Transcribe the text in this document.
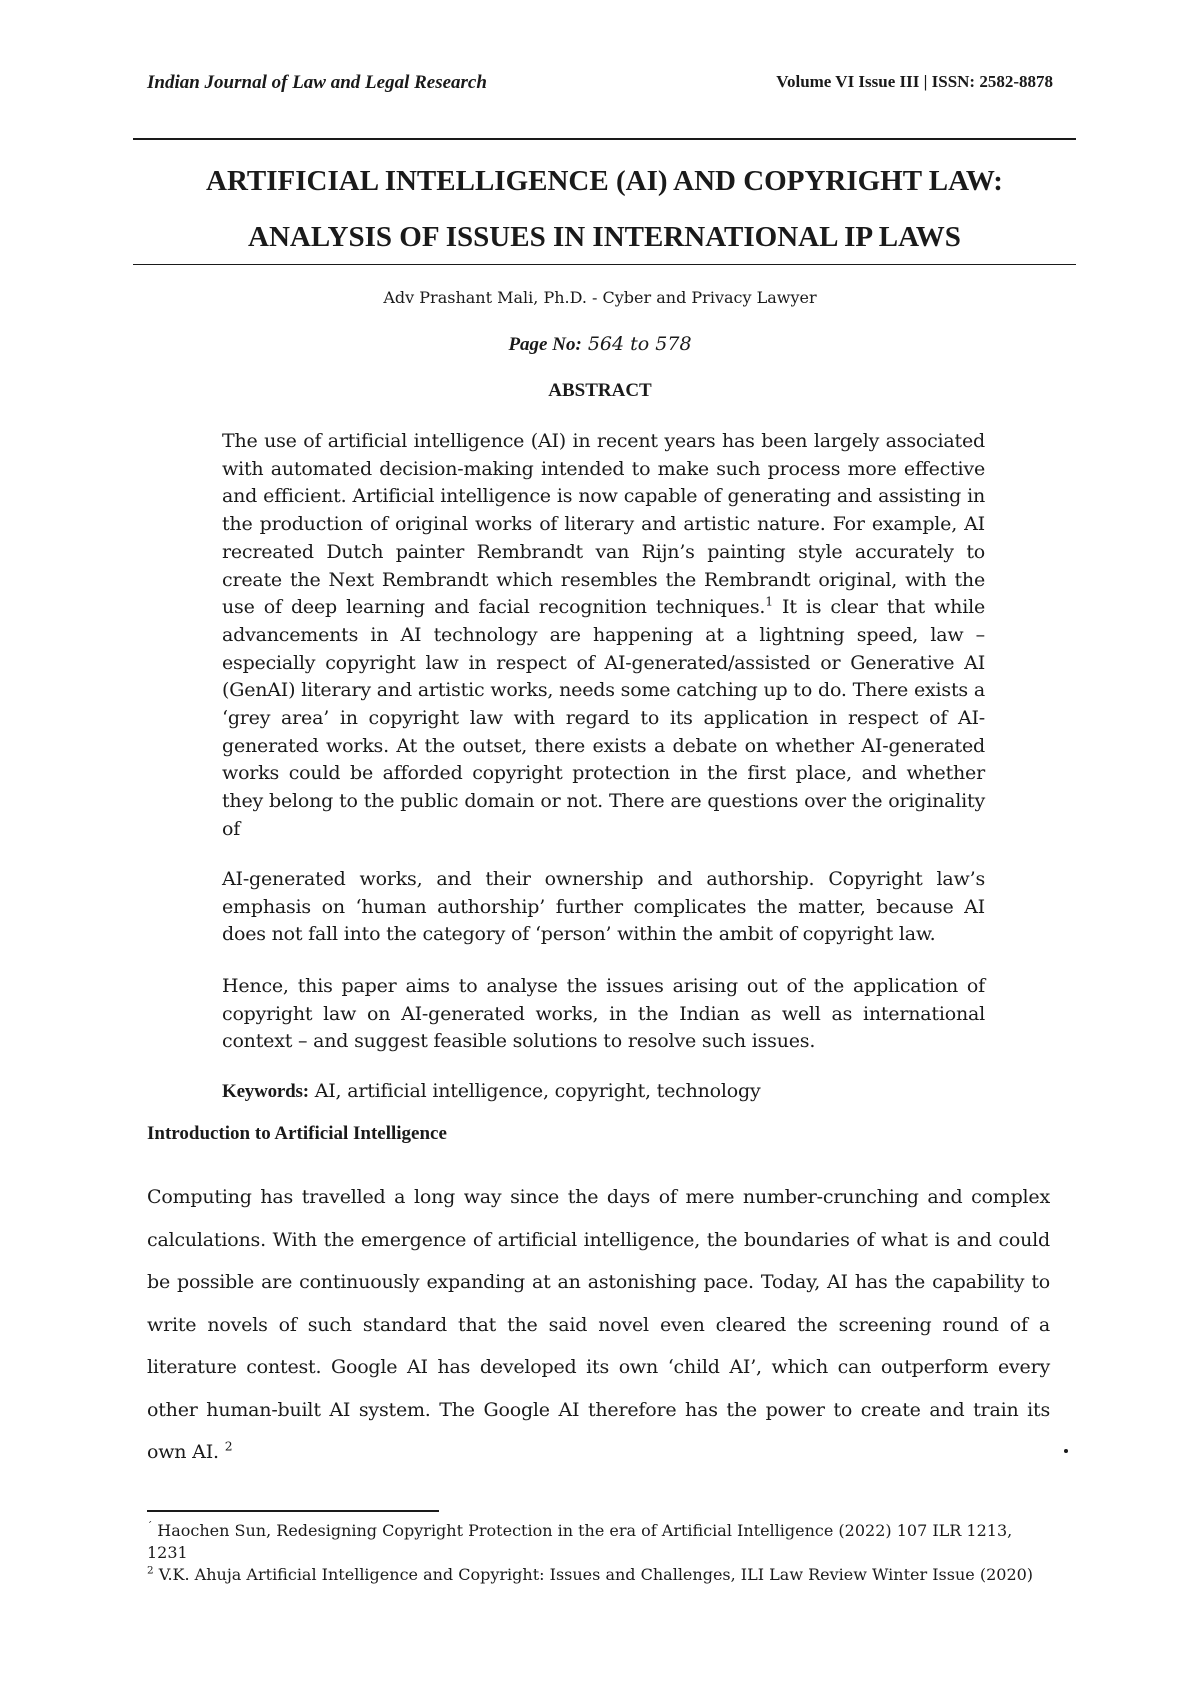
Indian Journal of Law and Legal Research	Volume VI Issue III | ISSN: 2582-8878
ARTIFICIAL INTELLIGENCE (AI) AND COPYRIGHT LAW:
ANALYSIS OF ISSUES IN INTERNATIONAL IP LAWS
Adv Prashant Mali, Ph.D. - Cyber and Privacy Lawyer
Page No: 564 to 578
ABSTRACT

The use of artificial intelligence (AI) in recent years has been largely associated with automated decision-making intended to make such process more effective and efficient. Artificial intelligence is now capable of generating and assisting in the production of original works of literary and artistic nature. For example, AI recreated Dutch painter Rembrandt van Rijn’s painting style accurately to create the Next Rembrandt which resembles the Rembrandt original, with the use of deep learning and facial recognition techniques.$^1$ It is clear that while advancements in AI technology are happening at a lightning speed, law – especially copyright law in respect of AI-generated/assisted or Generative AI (GenAI) literary and artistic works, needs some catching up to do. There exists a ‘grey area’ in copyright law with regard to its application in respect of AI-generated works. At the outset, there exists a debate on whether AI-generated works could be afforded copyright protection in the first place, and whether they belong to the public domain or not. There are questions over the originality of

AI-generated works, and their ownership and authorship. Copyright law’s emphasis on ‘human authorship’ further complicates the matter, because AI does not fall into the category of ‘person’ within the ambit of copyright law.

Hence, this paper aims to analyse the issues arising out of the application of copyright law on AI-generated works, in the Indian as well as international context – and suggest feasible solutions to resolve such issues.

Keywords: AI, artificial intelligence, copyright, technology

Introduction to Artificial Intelligence
Computing has travelled a long way since the days of mere number-crunching and complex calculations. With the emergence of artificial intelligence, the boundaries of what is and could be possible are continuously expanding at an astonishing pace. Today, AI has the capability to write novels of such standard that the said novel even cleared the screening round of a literature contest. Google AI has developed its own ‘child AI’, which can outperform every other human-built AI system. The Google AI therefore has the power to create and train its own AI. $^2$

´ Haochen Sun, Redesigning Copyright Protection in the era of Artificial Intelligence (2022) 107 ILR 1213, 1231

$^2$ V.K. Ahuja Artificial Intelligence and Copyright: Issues and Challenges, ILI Law Review Winter Issue (2020)
